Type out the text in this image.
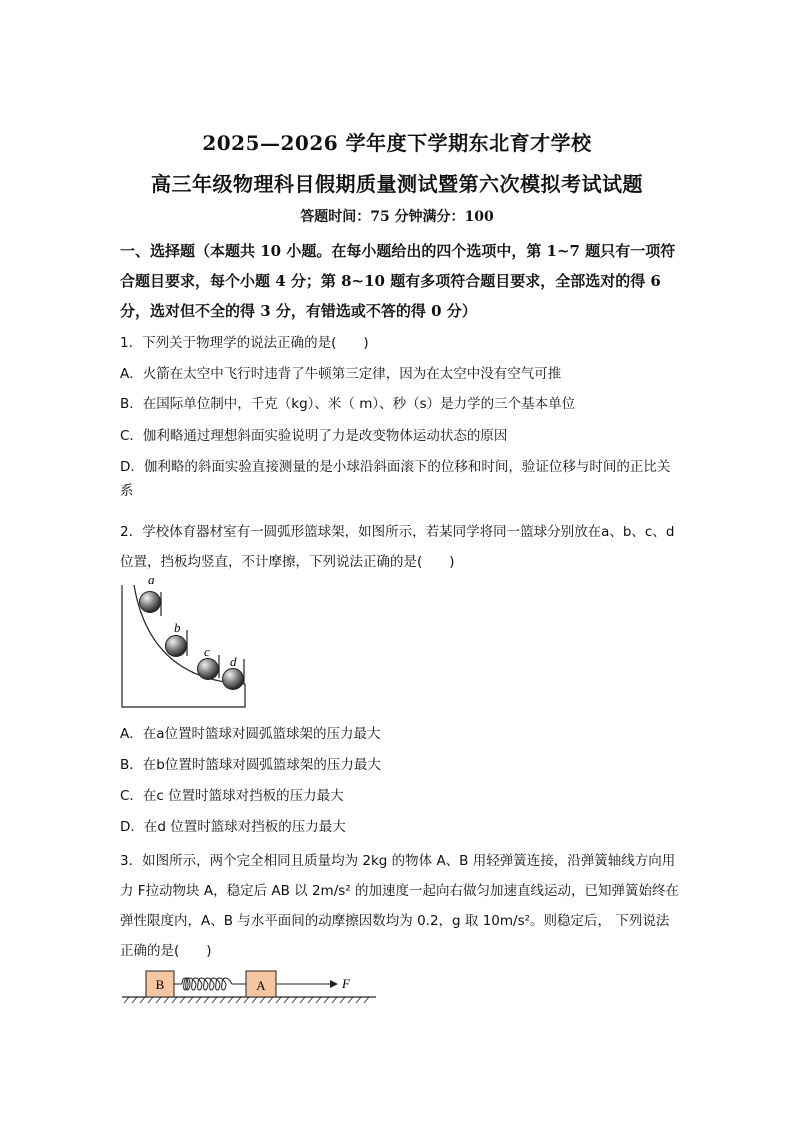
2025—2026 学年度下学期东北育才学校
高三年级物理科目假期质量测试暨第六次模拟考试试题
答题时间：75 分钟满分：100
一、选择题（本题共 10 小题。在每小题给出的四个选项中，第 1~7 题只有一项符合题目要求，每个小题 4 分；第 8~10 题有多项符合题目要求，全部选对的得 6 分，选对但不全的得 3 分，有错选或不答的得 0 分）
1．下列关于物理学的说法正确的是(　　)
A．火箭在太空中飞行时违背了牛顿第三定律，因为在太空中没有空气可推
B．在国际单位制中，千克（kg）、米（ m）、秒（s）是力学的三个基本单位
C．伽利略通过理想斜面实验说明了力是改变物体运动状态的原因
D．伽利略的斜面实验直接测量的是小球沿斜面滚下的位移和时间，验证位移与时间的正比关系
2．学校体育器材室有一圆弧形篮球架，如图所示，若某同学将同一篮球分别放在a、b、c、d位置，挡板均竖直，不计摩擦，下列说法正确的是(　　)
a
b
c
d
A．在a位置时篮球对圆弧篮球架的压力最大
B．在b位置时篮球对圆弧篮球架的压力最大
C．在c 位置时篮球对挡板的压力最大
D．在d 位置时篮球对挡板的压力最大
3．如图所示，两个完全相同且质量均为 2kg 的物体 A、B 用轻弹簧连接，沿弹簧轴线方向用力 F拉动物块 A，稳定后 AB 以 2m/s² 的加速度一起向右做匀加速直线运动，已知弹簧始终在弹性限度内，A、B 与水平面间的动摩擦因数均为 0.2，g 取 10m/s²。则稳定后， 下列说法正确的是(　　)
B	A	F
